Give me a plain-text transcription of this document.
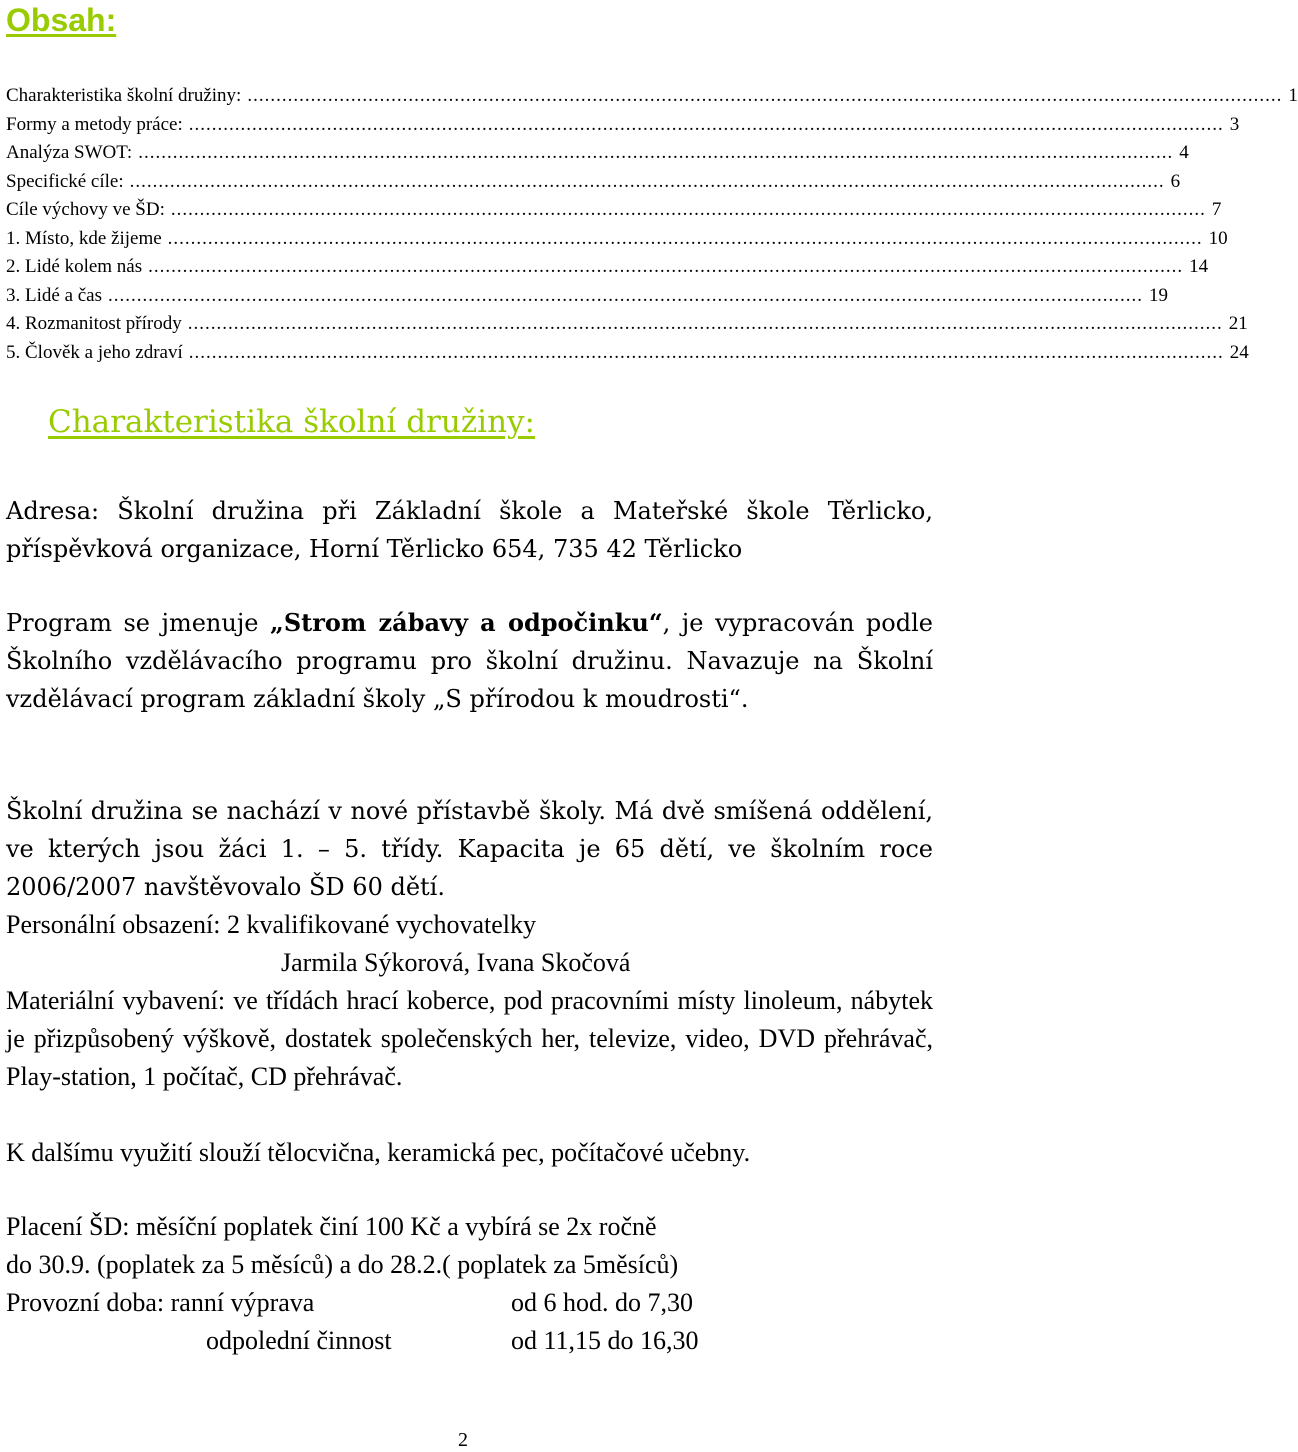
Obsah:
Charakteristika školní družiny: .................................................................................................................................................................................... 1
Formy a metody práce: .................................................................................................................................................................................... 3
Analýza SWOT: .................................................................................................................................................................................... 4
Specifické cíle: .................................................................................................................................................................................... 6
Cíle výchovy ve ŠD: .................................................................................................................................................................................... 7
1. Místo, kde žijeme .................................................................................................................................................................................... 10
2. Lidé kolem nás .................................................................................................................................................................................... 14
3. Lidé a čas .................................................................................................................................................................................... 19
4. Rozmanitost přírody .................................................................................................................................................................................... 21
5. Člověk a jeho zdraví .................................................................................................................................................................................... 24
Charakteristika školní družiny:

Adresa: Školní družina při Základní škole a Mateřské škole Těrlicko, příspěvková organizace, Horní Těrlicko 654, 735 42 Těrlicko

Program se jmenuje „Strom zábavy a odpočinku“, je vypracován podle Školního vzdělávacího programu pro školní družinu. Navazuje na Školní vzdělávací program základní školy „S přírodou k moudrosti“.

Školní družina se nachází v nové přístavbě školy. Má dvě smíšená oddělení, ve kterých jsou žáci 1. – 5. třídy. Kapacita je 65 dětí, ve školním roce 2006/2007 navštěvovalo ŠD 60 dětí.

Personální obsazení: 2 kvalifikované vychovatelky
Jarmila Sýkorová, Ivana Skočová

Materiální vybavení: ve třídách hrací koberce, pod pracovními místy linoleum, nábytek je přizpůsobený výškově, dostatek společenských her, televize, video, DVD přehrávač, Play-station, 1 počítač, CD přehrávač.

K dalšímu využití slouží tělocvična, keramická pec, počítačové učebny.

Placení ŠD: měsíční poplatek činí 100 Kč a vybírá se 2x ročně
do 30.9. (poplatek za 5 měsíců) a do 28.2.( poplatek za 5měsíců)
Provozní doba: ranní výprava	od 6 hod. do 7,30
odpolední činnost	od 11,15 do 16,30
2
